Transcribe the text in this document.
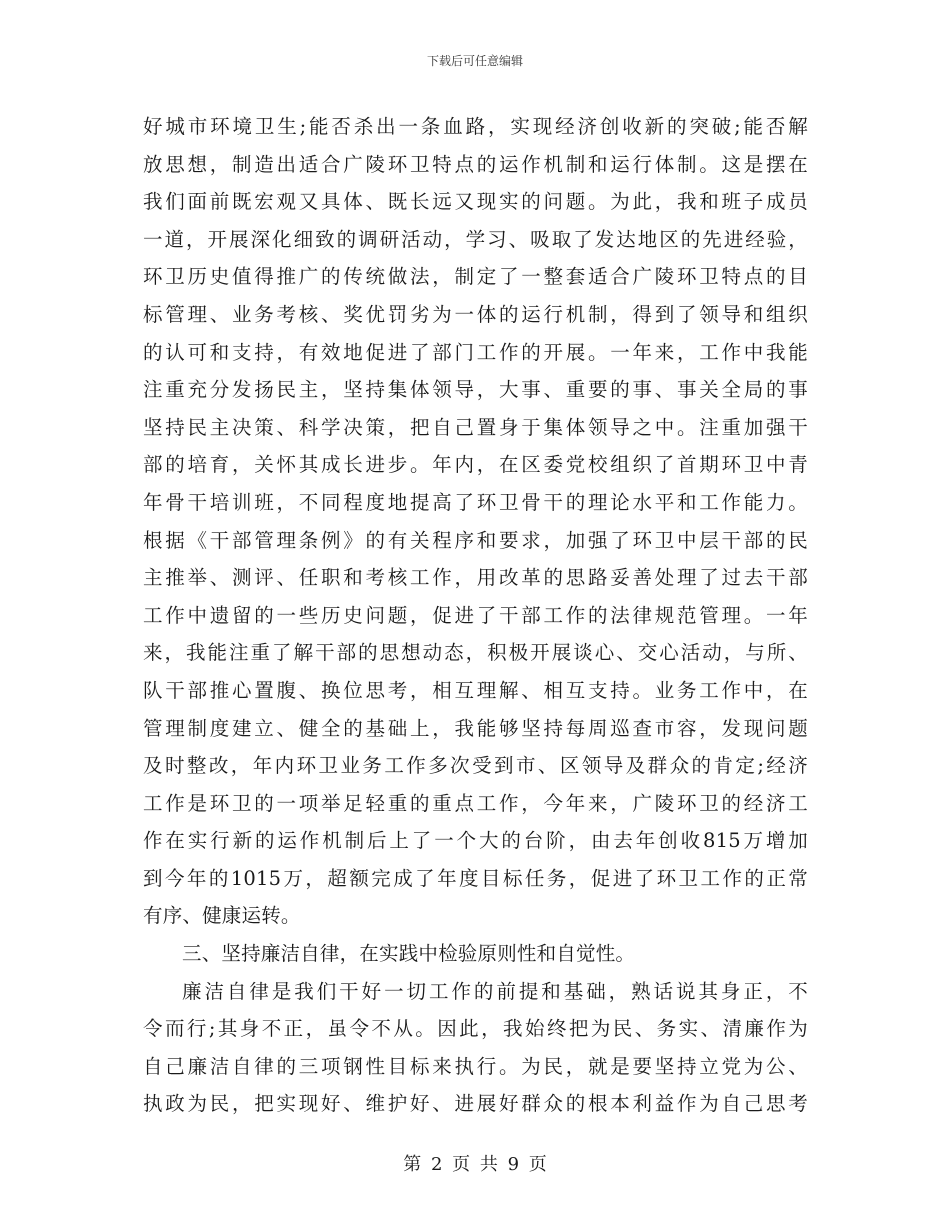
下载后可任意编辑
好城市环境卫生;能否杀出一条血路，实现经济创收新的突破;能否解
放思想，制造出适合广陵环卫特点的运作机制和运行体制。这是摆在
我们面前既宏观又具体、既长远又现实的问题。为此，我和班子成员
一道，开展深化细致的调研活动，学习、吸取了发达地区的先进经验，
环卫历史值得推广的传统做法，制定了一整套适合广陵环卫特点的目
标管理、业务考核、奖优罚劣为一体的运行机制，得到了领导和组织
的认可和支持，有效地促进了部门工作的开展。一年来，工作中我能
注重充分发扬民主，坚持集体领导，大事、重要的事、事关全局的事
坚持民主决策、科学决策，把自己置身于集体领导之中。注重加强干
部的培育，关怀其成长进步。年内，在区委党校组织了首期环卫中青
年骨干培训班，不同程度地提高了环卫骨干的理论水平和工作能力。
根据《干部管理条例》的有关程序和要求，加强了环卫中层干部的民
主推举、测评、任职和考核工作，用改革的思路妥善处理了过去干部
工作中遗留的一些历史问题，促进了干部工作的法律规范管理。一年
来，我能注重了解干部的思想动态，积极开展谈心、交心活动，与所、
队干部推心置腹、换位思考，相互理解、相互支持。业务工作中，在
管理制度建立、健全的基础上，我能够坚持每周巡查市容，发现问题
及时整改，年内环卫业务工作多次受到市、区领导及群众的肯定;经济
工作是环卫的一项举足轻重的重点工作，今年来，广陵环卫的经济工
作在实行新的运作机制后上了一个大的台阶，由去年创收815万增加
到今年的1015万，超额完成了年度目标任务，促进了环卫工作的正常
有序、健康运转。
三、坚持廉洁自律，在实践中检验原则性和自觉性。
廉洁自律是我们干好一切工作的前提和基础，熟话说其身正，不
令而行;其身不正，虽令不从。因此，我始终把为民、务实、清廉作为
自己廉洁自律的三项钢性目标来执行。为民，就是要坚持立党为公、
执政为民，把实现好、维护好、进展好群众的根本利益作为自己思考
第 2 页 共 9 页
